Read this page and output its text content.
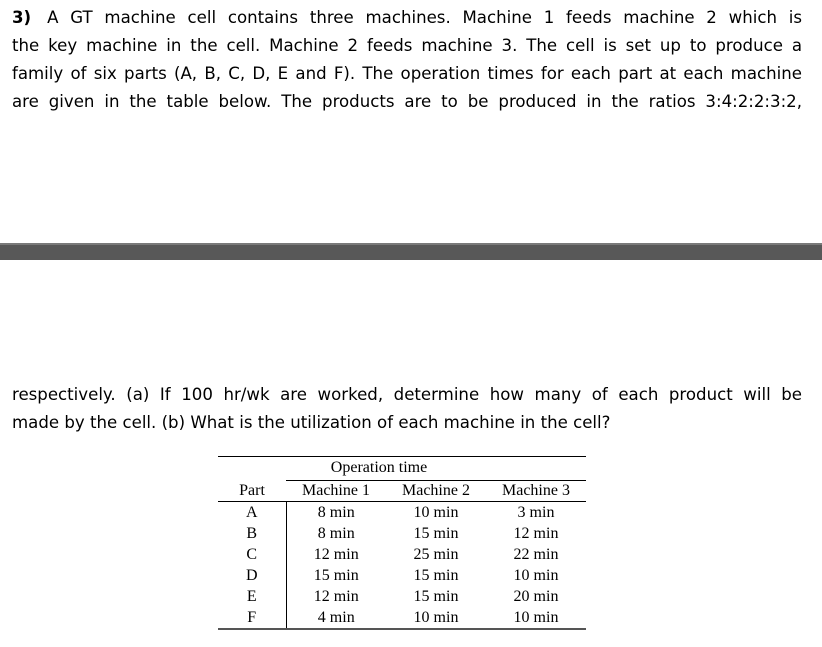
3) A GT machine cell contains three machines. Machine 1 feeds machine 2 which is
the key machine in the cell. Machine 2 feeds machine 3. The cell is set up to produce a
family of six parts (A, B, C, D, E and F). The operation times for each part at each machine
are given in the table below. The products are to be produced in the ratios 3:4:2:2:3:2,
respectively. (a) If 100 hr/wk are worked, determine how many of each product will be
made by the cell. (b) What is the utilization of each machine in the cell?
Operation time
Part	Machine 1	Machine 2	Machine 3
A	8 min	10 min	3 min
B	8 min	15 min	12 min
C	12 min	25 min	22 min
D	15 min	15 min	10 min
E	12 min	15 min	20 min
F	4 min	10 min	10 min
